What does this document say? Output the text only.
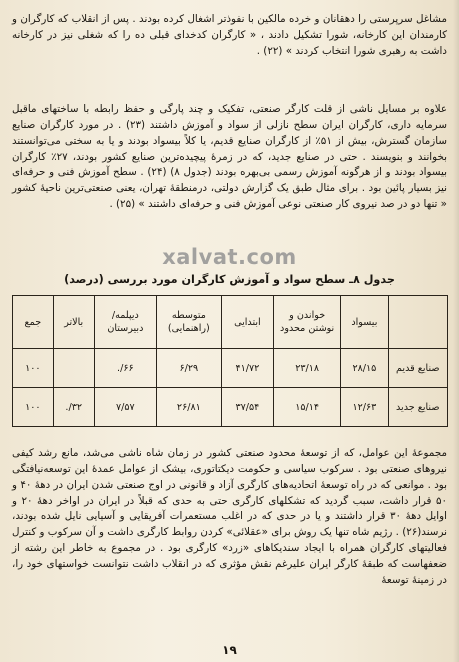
مشاغل سرپرستی را دهقانان و خرده مالکین با نفوذتر اشغال کرده بودند . پس از انقلاب که کارگران و کارمندان این کارخانه، شورا تشکیل دادند ، « کارگران کدخدای قبلی ده را که شغلی نیز در کارخانه داشت به رهبری شورا انتخاب کردند » (۲۲) .

علاوه بر مسایل ناشی از قلت کارگر صنعتی، تفکیک و چند پارگی و حفظ رابطه با ساختهای ماقبل سرمایه داری، کارگران ایران سطح نازلی از سواد و آموزش داشتند (۲۳) . در مورد کارگران صنایع سازمان گسترش، بیش از ۵۱٪ از کارگران صنایع قدیم، یا کلاً بیسواد بودند و یا به سختی می‌توانستند بخوانند و بنویسند . حتی در صنایع جدید، که در زمرهٔ پیچیده‌ترین صنایع کشور بودند، ۲۷٪ کارگران بیسواد بودند و از هرگونه آموزش رسمی بی‌بهره بودند (جدول ۸) (۲۴) . سطح آموزش فنی و حرفه‌ای نیز بسیار پائین بود . برای مثال طبق یک گزارش دولتی، درمنطقهٔ تهران، یعنی صنعتی‌ترین ناحیهٔ کشور « تنها دو در صد نیروی کار صنعتی نوعی آموزش فنی و حرفه‌ای داشتند » (۲۵) .

xalvat.com
جدول ۸ـ سطح سواد و آموزش کارگران مورد بررسی (درصد)
	بیسواد	خواندن و نوشتن محدود	ابتدایی	متوسطه (راهنمایی)	دیپلمه/ دبیرستان	بالاتر	جمع
صنایع قدیم	۲۸/۱۵	۲۳/۱۸	۴۱/۷۲	۶/۲۹	۶۶/.		۱۰۰
صنایع جدید	۱۲/۶۳	۱۵/۱۴	۳۷/۵۴	۲۶/۸۱	۷/۵۷	۳۲/.	۱۰۰

مجموعهٔ این عوامل، که از توسعهٔ محدود صنعتی کشور در زمان شاه ناشی می‌شد، مانع رشد کیفی نیروهای صنعتی بود . سرکوب سیاسی و حکومت دیکتاتوری، بیشک از عوامل عمدهٔ این توسعه‌نیافتگی بود . موانعی که در راه توسعهٔ اتحادیه‌های کارگری آزاد و قانونی در اوج صنعتی شدن ایران در دههٔ ۴۰ و ۵۰ قرار داشت، سبب گردید که تشکلهای کارگری حتی به حدی که قبلاً در ایران در اواخر دههٔ ۲۰ و اوایل دههٔ ۳۰ قرار داشتند و یا در حدی که در اغلب مستعمرات آفریقایی و آسیایی نایل شده بودند، نرسند(۲۶) . رژیم شاه تنها یک روش برای «عقلائی» کردن روابط کارگری داشت و آن سرکوب و کنترل فعالیتهای کارگران همراه با ایجاد سندیکاهای «زرد» کارگری بود . در مجموع به خاطر این رشته از ضعفهاست که طبقهٔ کارگر ایران علیرغم نقش مؤثری که در انقلاب داشت نتوانست خواستهای خود را، در زمینهٔ توسعهٔ

۱۹
